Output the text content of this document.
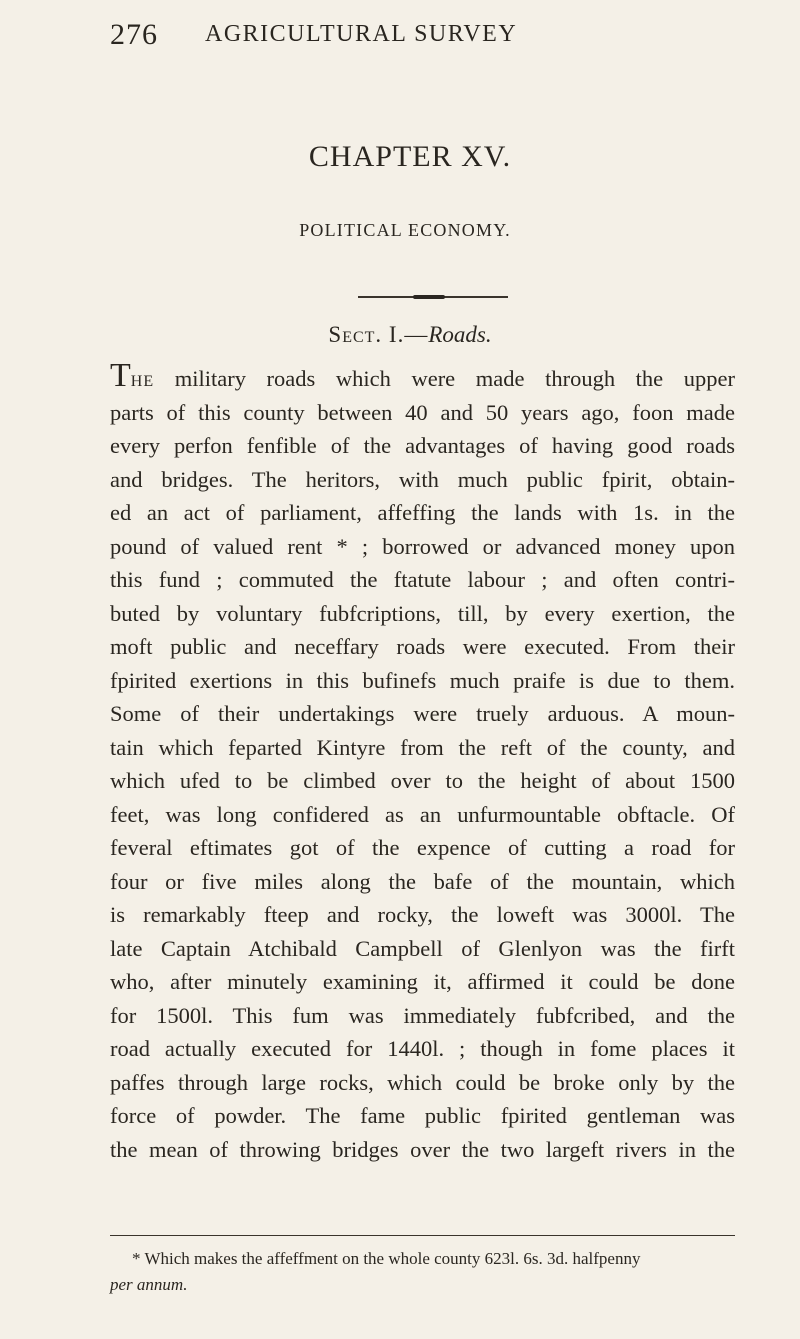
276 AGRICULTURAL SURVEY
CHAPTER XV.
POLITICAL ECONOMY.
Sect. I.—Roads.
The military roads which were made through the upper
parts of this county between 40 and 50 years ago, foon made
every perfon fenfible of the advantages of having good roads
and bridges. The heritors, with much public fpirit, obtain-
ed an act of parliament, affeffing the lands with 1s. in the
pound of valued rent * ; borrowed or advanced money upon
this fund ; commuted the ftatute labour ; and often contri-
buted by voluntary fubfcriptions, till, by every exertion, the
moft public and neceffary roads were executed. From their
fpirited exertions in this bufinefs much praife is due to them.
Some of their undertakings were truely arduous. A moun-
tain which feparted Kintyre from the reft of the county, and
which ufed to be climbed over to the height of about 1500
feet, was long confidered as an unfurmountable obftacle. Of
feveral eftimates got of the expence of cutting a road for
four or five miles along the bafe of the mountain, which
is remarkably fteep and rocky, the loweft was 3000l. The
late Captain Atchibald Campbell of Glenlyon was the firft
who, after minutely examining it, affirmed it could be done
for 1500l. This fum was immediately fubfcribed, and the
road actually executed for 1440l. ; though in fome places it
paffes through large rocks, which could be broke only by the
force of powder. The fame public fpirited gentleman was
the mean of throwing bridges over the two largeft rivers in the
* Which makes the affeffment on the whole county 623l. 6s. 3d. halfpenny
per annum.
